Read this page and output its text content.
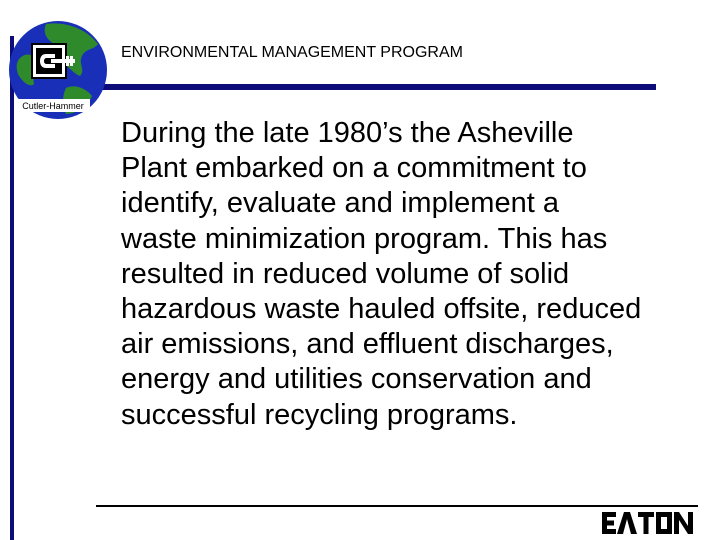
Cutler-Hammer
ENVIRONMENTAL MANAGEMENT PROGRAM
During the late 1980’s the Asheville
Plant embarked on a commitment to
identify, evaluate and implement a
waste minimization program. This has
resulted in reduced volume of solid
hazardous waste hauled offsite, reduced
air emissions, and effluent discharges,
energy and utilities conservation and
successful recycling programs.
